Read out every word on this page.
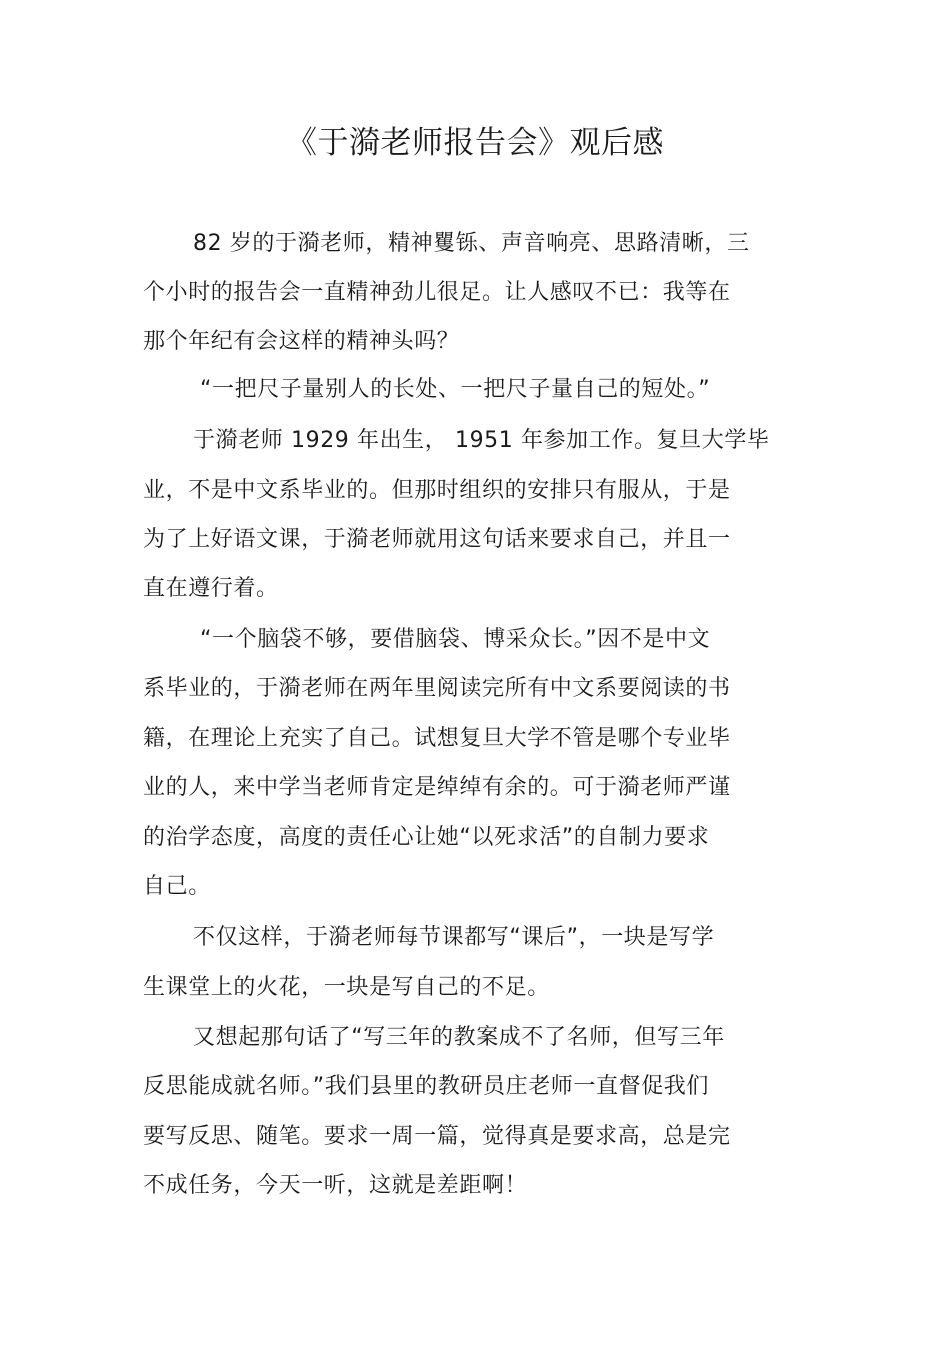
《于漪老师报告会》观后感
82 岁的于漪老师，精神矍铄、声音响亮、思路清晰，三
个小时的报告会一直精神劲儿很足。让人感叹不已：我等在
那个年纪有会这样的精神头吗？
“一把尺子量别人的长处、一把尺子量自己的短处。”
于漪老师 1929 年出生， 1951 年参加工作。复旦大学毕
业，不是中文系毕业的。但那时组织的安排只有服从，于是
为了上好语文课，于漪老师就用这句话来要求自己，并且一
直在遵行着。
“一个脑袋不够，要借脑袋、博采众长。”因不是中文
系毕业的，于漪老师在两年里阅读完所有中文系要阅读的书
籍，在理论上充实了自己。试想复旦大学不管是哪个专业毕
业的人，来中学当老师肯定是绰绰有余的。可于漪老师严谨
的治学态度，高度的责任心让她“以死求活”的自制力要求
自己。
不仅这样，于漪老师每节课都写“课后”，一块是写学
生课堂上的火花，一块是写自己的不足。
又想起那句话了“写三年的教案成不了名师，但写三年
反思能成就名师。”我们县里的教研员庄老师一直督促我们
要写反思、随笔。要求一周一篇，觉得真是要求高，总是完
不成任务，今天一听，这就是差距啊！
